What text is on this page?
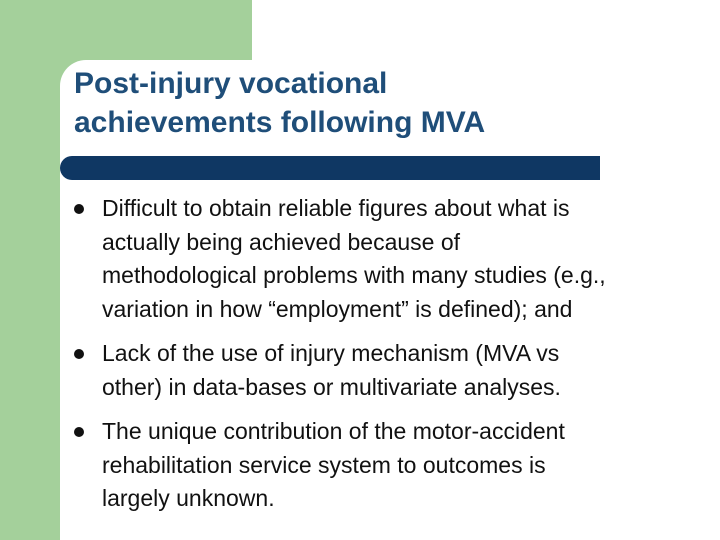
Post-injury vocational
achievements following MVA
Difficult to obtain reliable figures about what is
actually being achieved because of
methodological problems with many studies (e.g.,
variation in how “employment” is defined); and
Lack of the use of injury mechanism (MVA vs
other) in data-bases or multivariate analyses.
The unique contribution of the motor-accident
rehabilitation service system to outcomes is
largely unknown.
